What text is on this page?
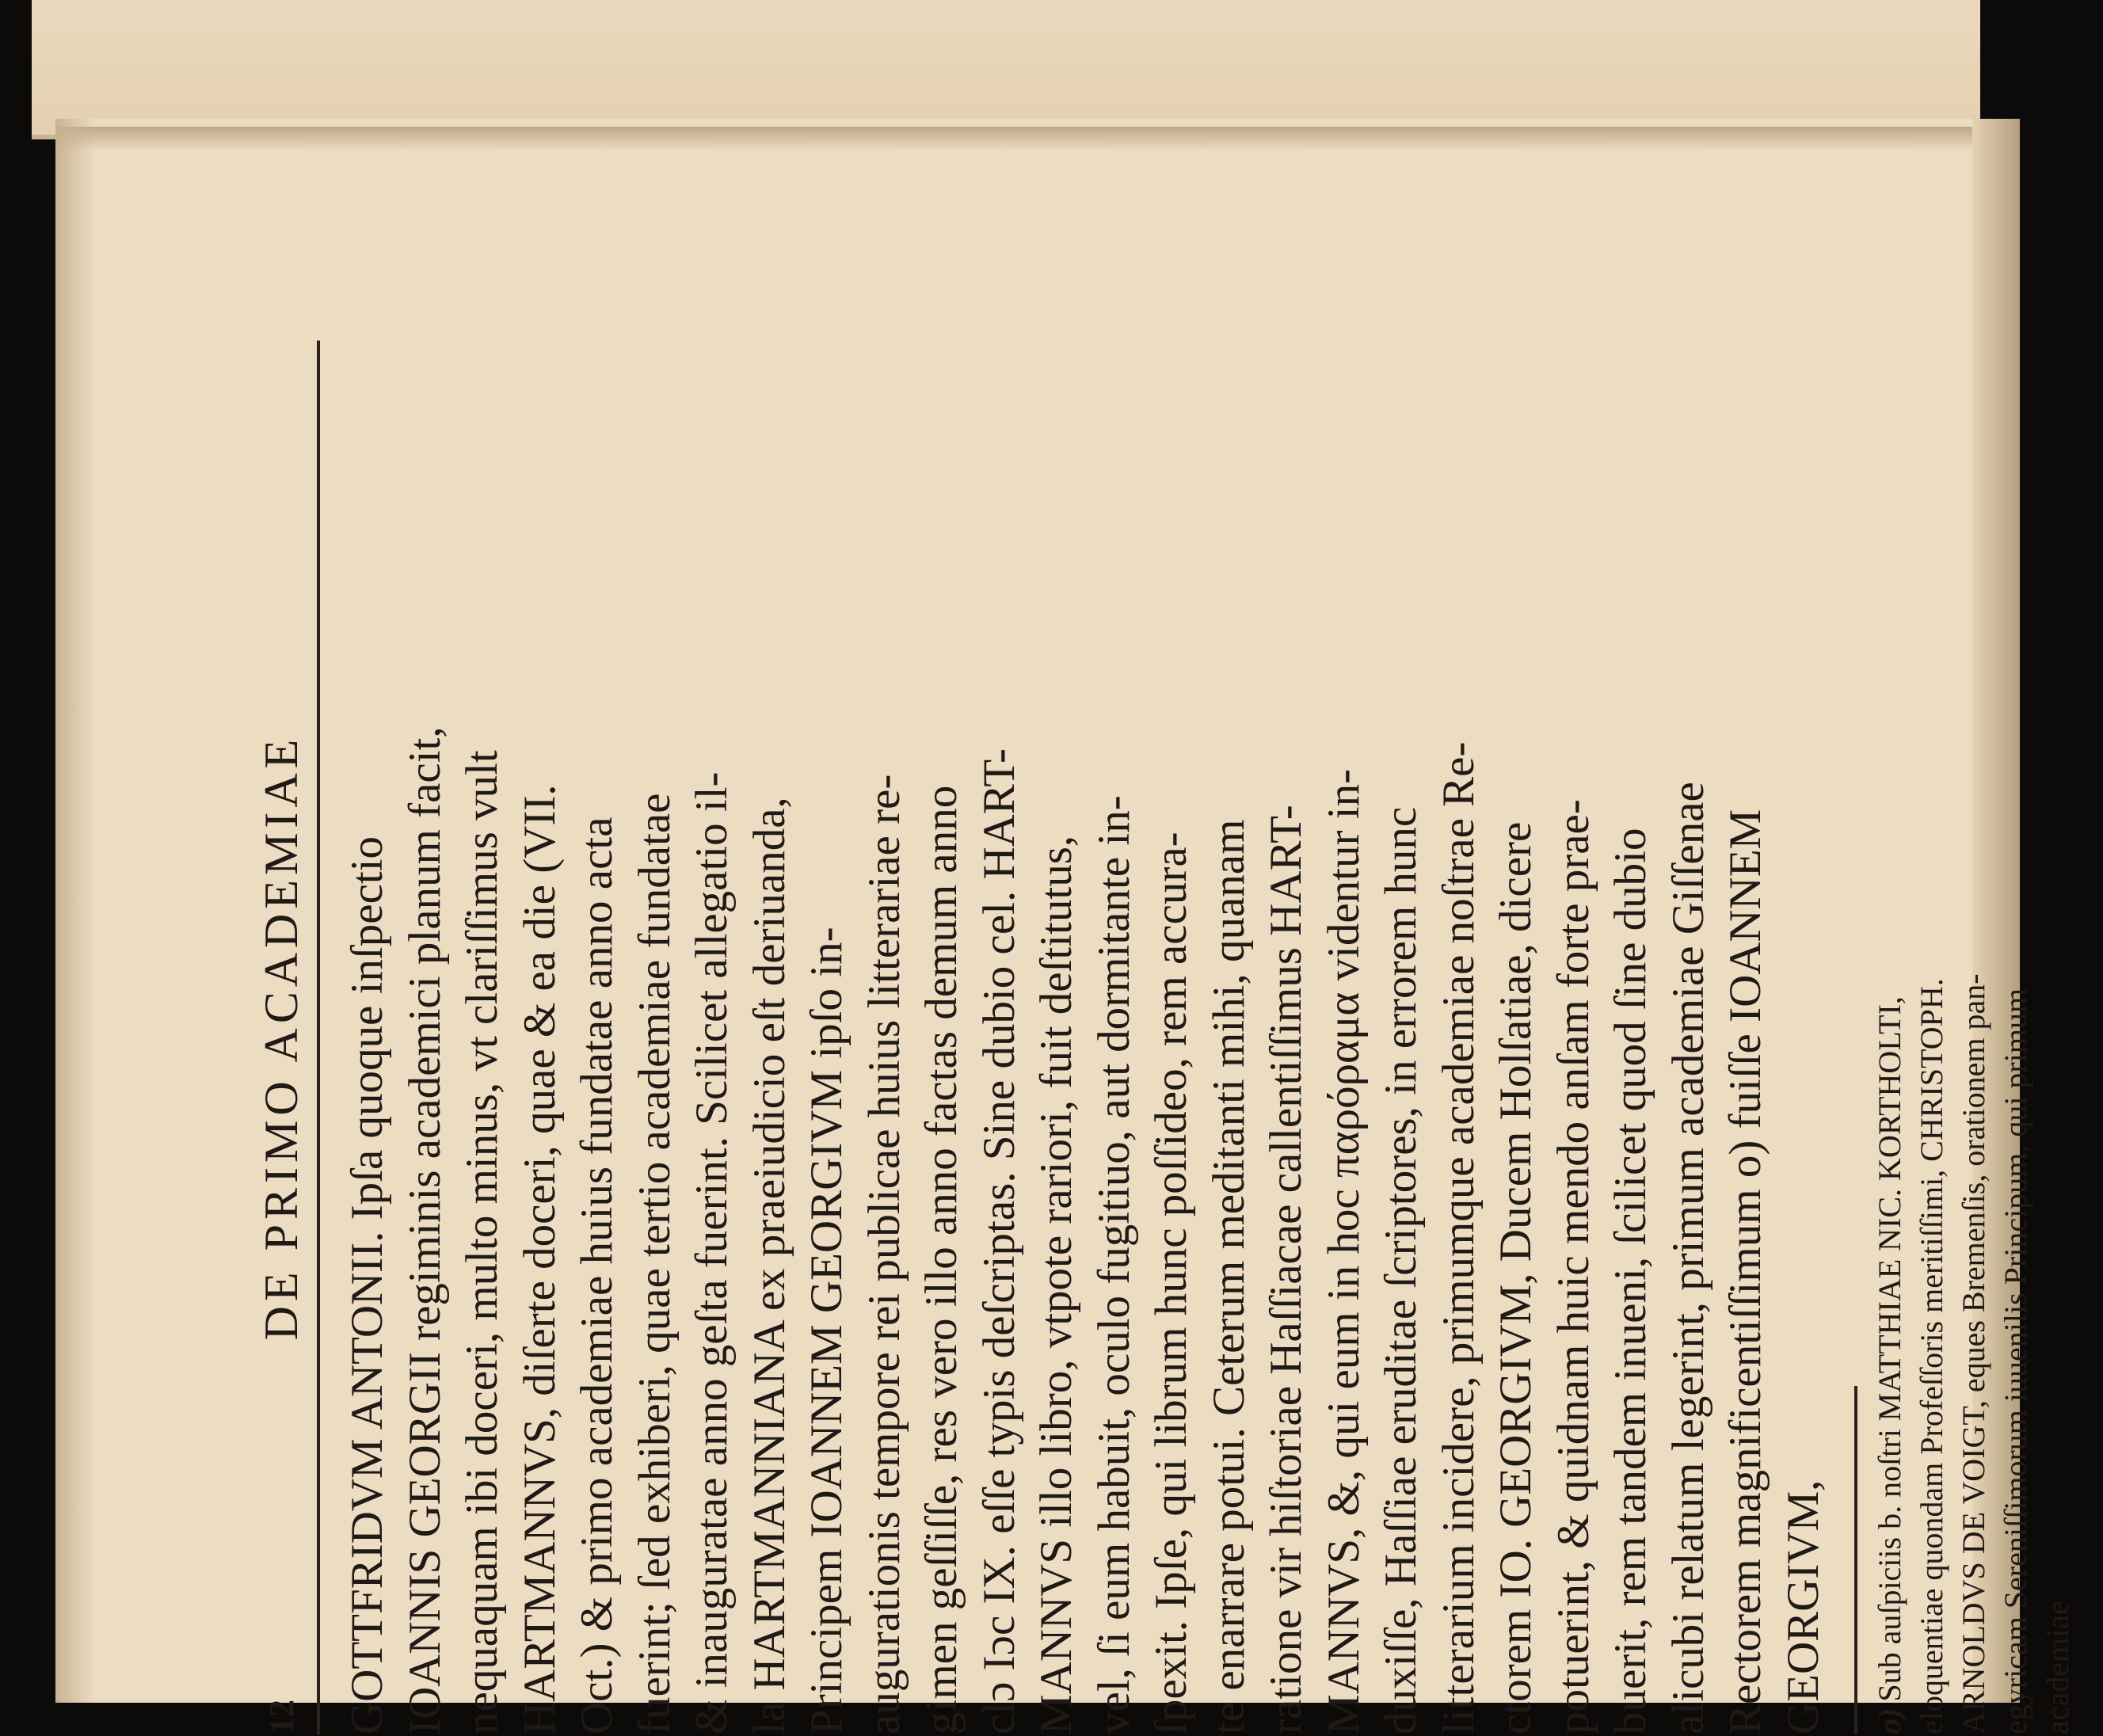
12
DE PRIMO ACADEMIAE
GOTTFRIDVM ANTONII. Ipſa quoque inſpectio
IOANNIS GEORGII regiminis academici planum facit,
nequaquam ibi doceri, multo minus, vt clariſſimus vult
HARTMANNVS, diſerte doceri, quae & ea die (VII.
Oct.) & primo academiae huius fundatae anno acta
fuerint; ſed exhiberi, quae tertio academiae fundatae
& inauguratae anno geſta fuerint. Scilicet allegatio il-
la HARTMANNIANA ex praeiudicio eſt deriuanda,
Principem IOANNEM GEORGIVM ipſo in-
augurationis tempore rei publicae huius litterariae re-
gimen geſſiſſe, res vero illo anno factas demum anno
clɔ Iɔc IX. eſſe typis deſcriptas. Sine dubio cel. HART-
MANNVS illo libro, vtpote rariori, fuit deſtitutus,
vel, ſi eum habuit, oculo fugitiuo, aut dormitante in-
ſpexit. Ipſe, qui librum hunc poſſideo, rem accura-
te enarrare potui. Ceterum meditanti mihi, quanam
ratione vir hiſtoriae Haſſiacae callentiſſimus HART-
MANNVS, &, qui eum in hoc παρόραμα videntur in-
duxiſſe, Haſſiae eruditae ſcriptores, in errorem hunc
litterarium incidere, primumque academiae noſtrae Re-
ctorem IO. GEORGIVM, Ducem Holſatiae, dicere
potuerint, & quidnam huic mendo anſam forte prae-
buerit, rem tandem inueni, ſcilicet quod ſine dubio
alicubi relatum legerint, primum academiae Giſſenae
Rectorem magnificentiſſimum o) fuiſſe IOANNEM
GEORGIVM, o)Sub auſpiciis b. noſtri MATTHIAE NIC. KORTHOLTI,
eloquentiae quondam Profeſſoris meritiſſimi, CHRISTOPH.
ARNOLDVS DE VOIGT, eques Bremenſis, orationem pan-
egyricam Sereniſſimorum iuuenilis Principum, qui primum
academiae
